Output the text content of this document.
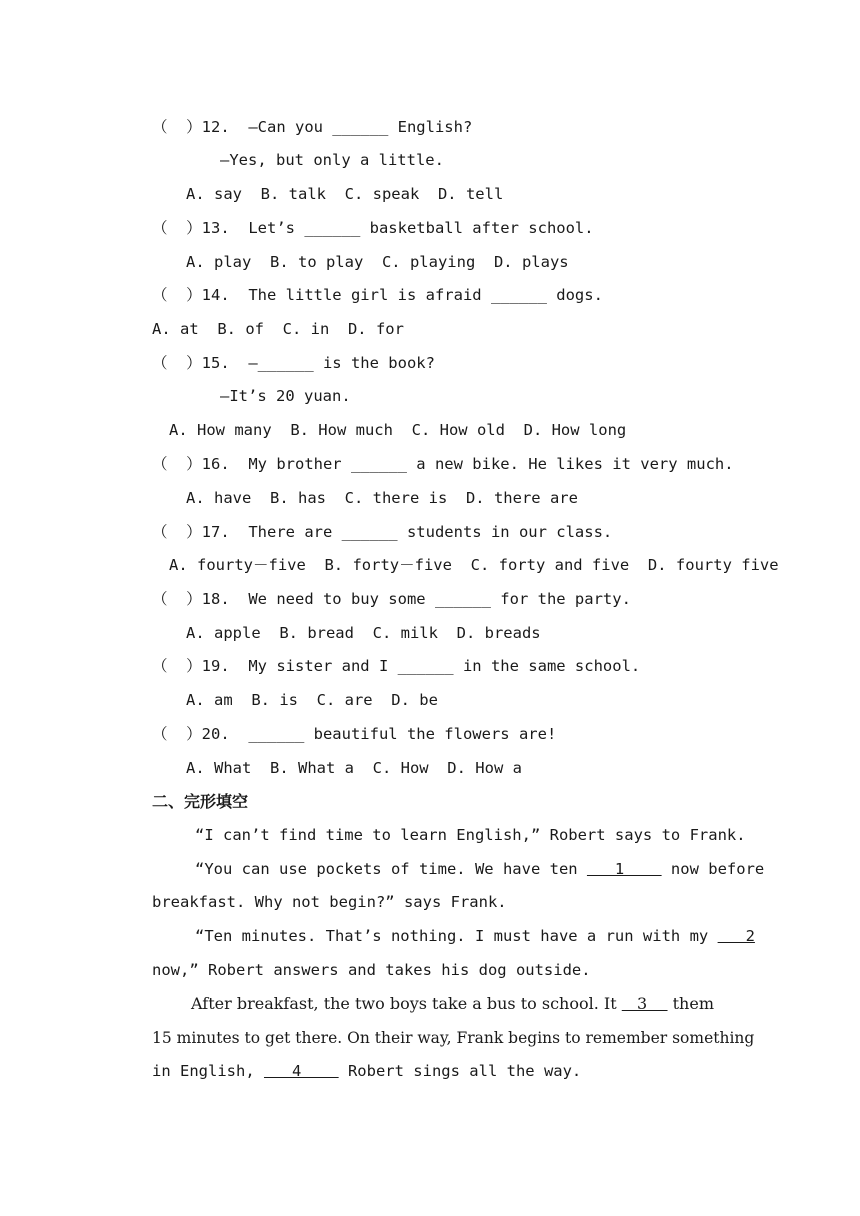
（  ）12.  —Can you ______ English?
—Yes, but only a little.
A. say  B. talk  C. speak  D. tell
（  ）13.  Let’s ______ basketball after school.
A. play  B. to play  C. playing  D. plays
（  ）14.  The little girl is afraid ______ dogs.
A. at  B. of  C. in  D. for
（  ）15.  —______ is the book?
—It’s 20 yuan.
A. How many  B. How much  C. How old  D. How long
（  ）16.  My brother ______ a new bike. He likes it very much.
A. have  B. has  C. there is  D. there are
（  ）17.  There are ______ students in our class.
A. fourty－five  B. forty－five  C. forty and five  D. fourty five
（  ）18.  We need to buy some ______ for the party.
A. apple  B. bread  C. milk  D. breads
（  ）19.  My sister and I ______ in the same school.
A. am  B. is  C. are  D. be
（  ）20.  ______ beautiful the flowers are!
A. What  B. What a  C. How  D. How a
二、完形填空
“I can’t find time to learn English,” Robert says to Frank.
“You can use pockets of time. We have ten    1     now before
breakfast. Why not begin?” says Frank.
“Ten minutes. That’s nothing. I must have a run with my    2
now,” Robert answers and takes his dog outside.
After breakfast, the two boys take a bus to school. It    3     them
15 minutes to get there. On their way, Frank begins to remember something
in English,    4     Robert sings all the way.
